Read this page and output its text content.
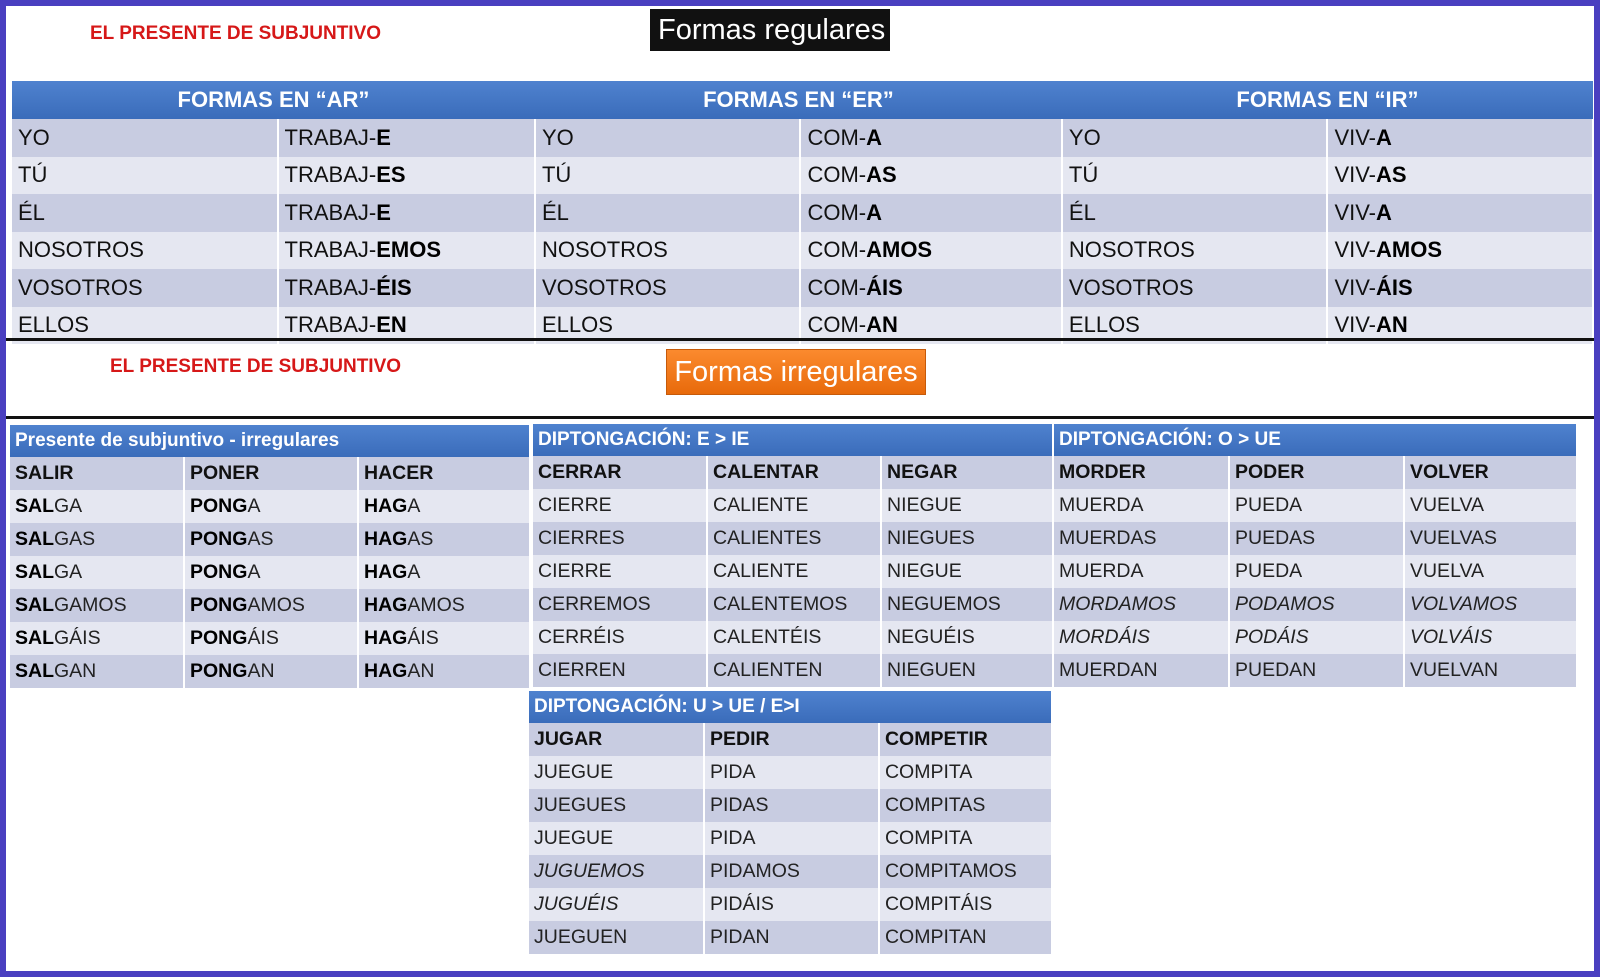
EL PRESENTE DE SUBJUNTIVO	Formas regulares
FORMAS EN “AR”		FORMAS EN “ER”		FORMAS EN “IR”	
YO	TRABAJ-E	YO	COM-A	YO	VIV-A
TÚ	TRABAJ-ES	TÚ	COM-AS	TÚ	VIV-AS
ÉL	TRABAJ-E	ÉL	COM-A	ÉL	VIV-A
NOSOTROS	TRABAJ-EMOS	NOSOTROS	COM-AMOS	NOSOTROS	VIV-AMOS
VOSOTROS	TRABAJ-ÉIS	VOSOTROS	COM-ÁIS	VOSOTROS	VIV-ÁIS
ELLOS	TRABAJ-EN	ELLOS	COM-AN	ELLOS	VIV-AN
EL PRESENTE DE SUBJUNTIVO	Formas irregulares
Presente de subjuntivo - irregulares		
SALIR	PONER	HACER
SALGA	PONGA	HAGA
SALGAS	PONGAS	HAGAS
SALGA	PONGA	HAGA
SALGAMOS	PONGAMOS	HAGAMOS
SALGÁIS	PONGÁIS	HAGÁIS
SALGAN	PONGAN	HAGAN
DIPTONGACIÓN: E > IE		
CERRAR	CALENTAR	NEGAR
CIERRE	CALIENTE	NIEGUE
CIERRES	CALIENTES	NIEGUES
CIERRE	CALIENTE	NIEGUE
CERREMOS	CALENTEMOS	NEGUEMOS
CERRÉIS	CALENTÉIS	NEGUÉIS
CIERREN	CALIENTEN	NIEGUEN
DIPTONGACIÓN: O > UE		
MORDER	PODER	VOLVER
MUERDA	PUEDA	VUELVA
MUERDAS	PUEDAS	VUELVAS
MUERDA	PUEDA	VUELVA
MORDAMOS	PODAMOS	VOLVAMOS
MORDÁIS	PODÁIS	VOLVÁIS
MUERDAN	PUEDAN	VUELVAN
DIPTONGACIÓN: U > UE / E>I		
JUGAR	PEDIR	COMPETIR
JUEGUE	PIDA	COMPITA
JUEGUES	PIDAS	COMPITAS
JUEGUE	PIDA	COMPITA
JUGUEMOS	PIDAMOS	COMPITAMOS
JUGUÉIS	PIDÁIS	COMPITÁIS
JUEGUEN	PIDAN	COMPITAN
